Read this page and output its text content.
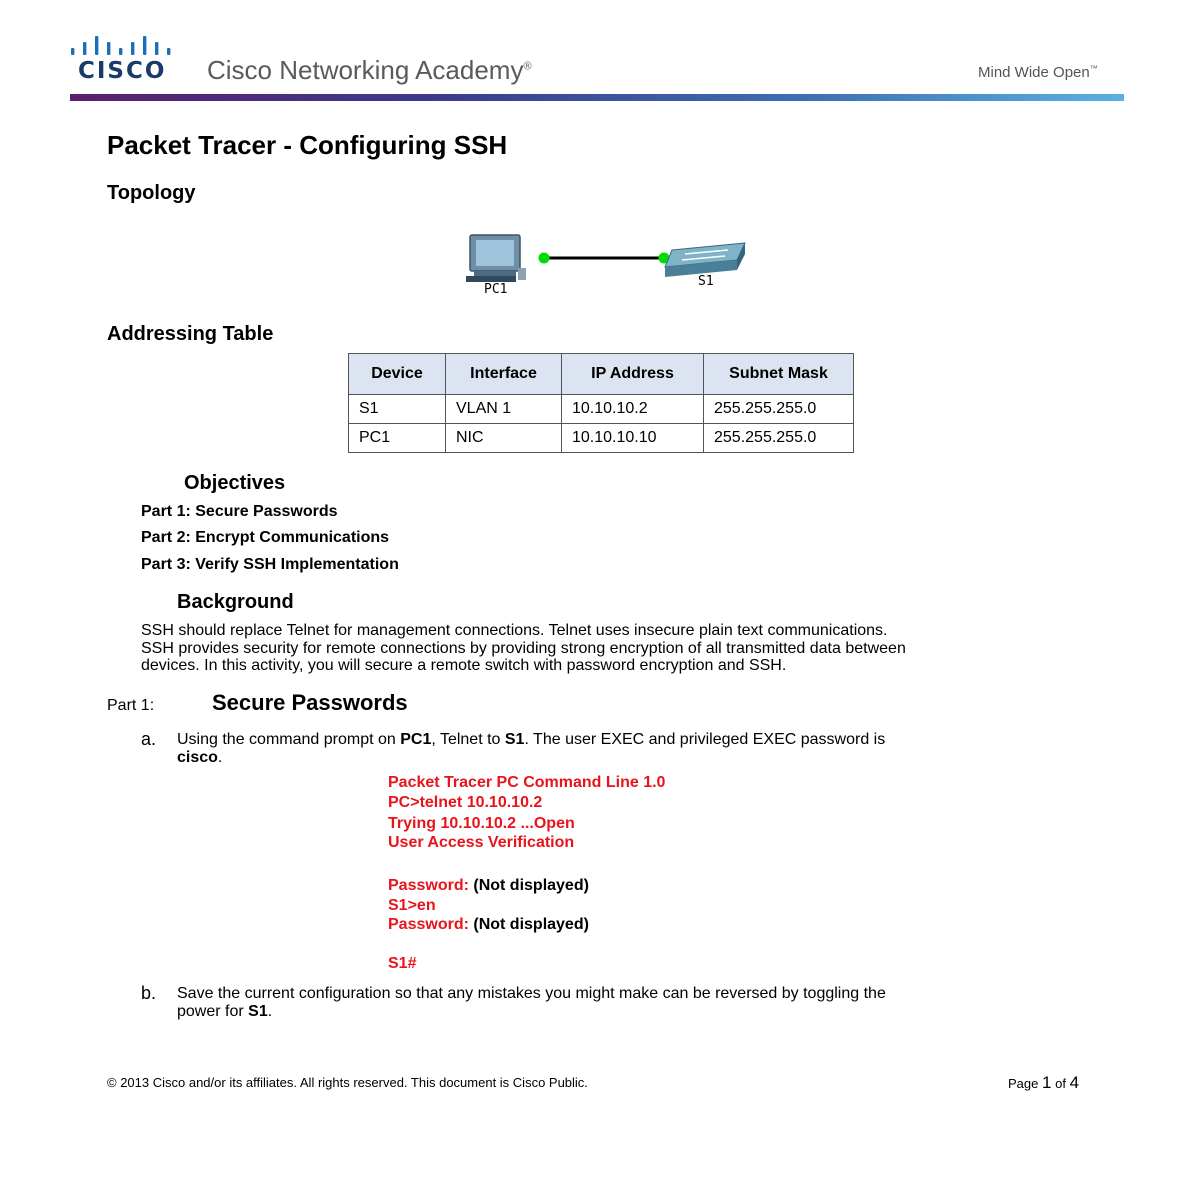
CISCO Cisco Networking Academy®	Mind Wide Open™
Packet Tracer - Configuring SSH
Topology
PC1
S1
Addressing Table
Device	Interface	IP Address	Subnet Mask
S1	VLAN 1	10.10.10.2	255.255.255.0
PC1	NIC	10.10.10.10	255.255.255.0
Objectives
Part 1: Secure Passwords
Part 2: Encrypt Communications
Part 3: Verify SSH Implementation
Background
SSH should replace Telnet for management connections. Telnet uses insecure plain text communications.
SSH provides security for remote connections by providing strong encryption of all transmitted data between
devices. In this activity, you will secure a remote switch with password encryption and SSH.
Part 1:	Secure Passwords
a. Using the command prompt on PC1, Telnet to S1. The user EXEC and privileged EXEC password is
cisco.
Packet Tracer PC Command Line 1.0
PC>telnet 10.10.10.2
Trying 10.10.10.2 ...Open
User Access Verification
Password: (Not displayed)
S1>en
Password: (Not displayed)
S1#
b. Save the current configuration so that any mistakes you might make can be reversed by toggling the
power for S1.
© 2013 Cisco and/or its affiliates. All rights reserved. This document is Cisco Public.	Page 1 of 4
